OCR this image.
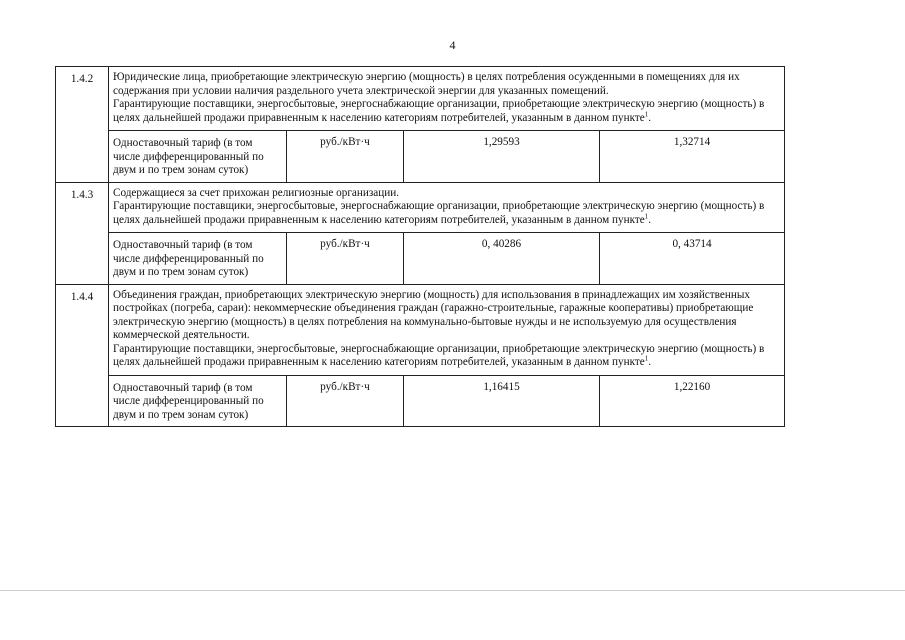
4
1.4.2	Юридические лица, приобретающие электрическую энергию (мощность) в целях потребления осужденными в помещениях для их содержания при условии наличия раздельного учета электрической энергии для указанных помещений.
Гарантирующие поставщики, энергосбытовые, энергоснабжающие организации, приобретающие электрическую энергию (мощность) в целях дальнейшей продажи приравненным к населению категориям потребителей, указанным в данном пункте$^1$.			

	Одноставочный тариф (в том числе дифференцированный по двум и по трем зонам суток)	руб./кВт·ч	1,29593	1,32714
1.4.3	Содержащиеся за счет прихожан религиозные организации.
Гарантирующие поставщики, энергосбытовые, энергоснабжающие организации, приобретающие электрическую энергию (мощность) в целях дальнейшей продажи приравненным к населению категориям потребителей, указанным в данном пункте$^1$.			

	Одноставочный тариф (в том числе дифференцированный по двум и по трем зонам суток)	руб./кВт·ч	0, 40286	0, 43714
1.4.4	Объединения граждан, приобретающих электрическую энергию (мощность) для использования в принадлежащих им хозяйственных постройках (погреба, сараи): некоммерческие объединения граждан (гаражно-строительные, гаражные кооперативы) приобретающие электрическую энергию (мощность) в целях потребления на коммунально-бытовые нужды и не используемую для осуществления коммерческой деятельности.
Гарантирующие поставщики, энергосбытовые, энергоснабжающие организации, приобретающие электрическую энергию (мощность) в целях дальнейшей продажи приравненным к населению категориям потребителей, указанным в данном пункте$^1$.			

	Одноставочный тариф (в том числе дифференцированный по двум и по трем зонам суток)	руб./кВт·ч	1,16415	1,22160
